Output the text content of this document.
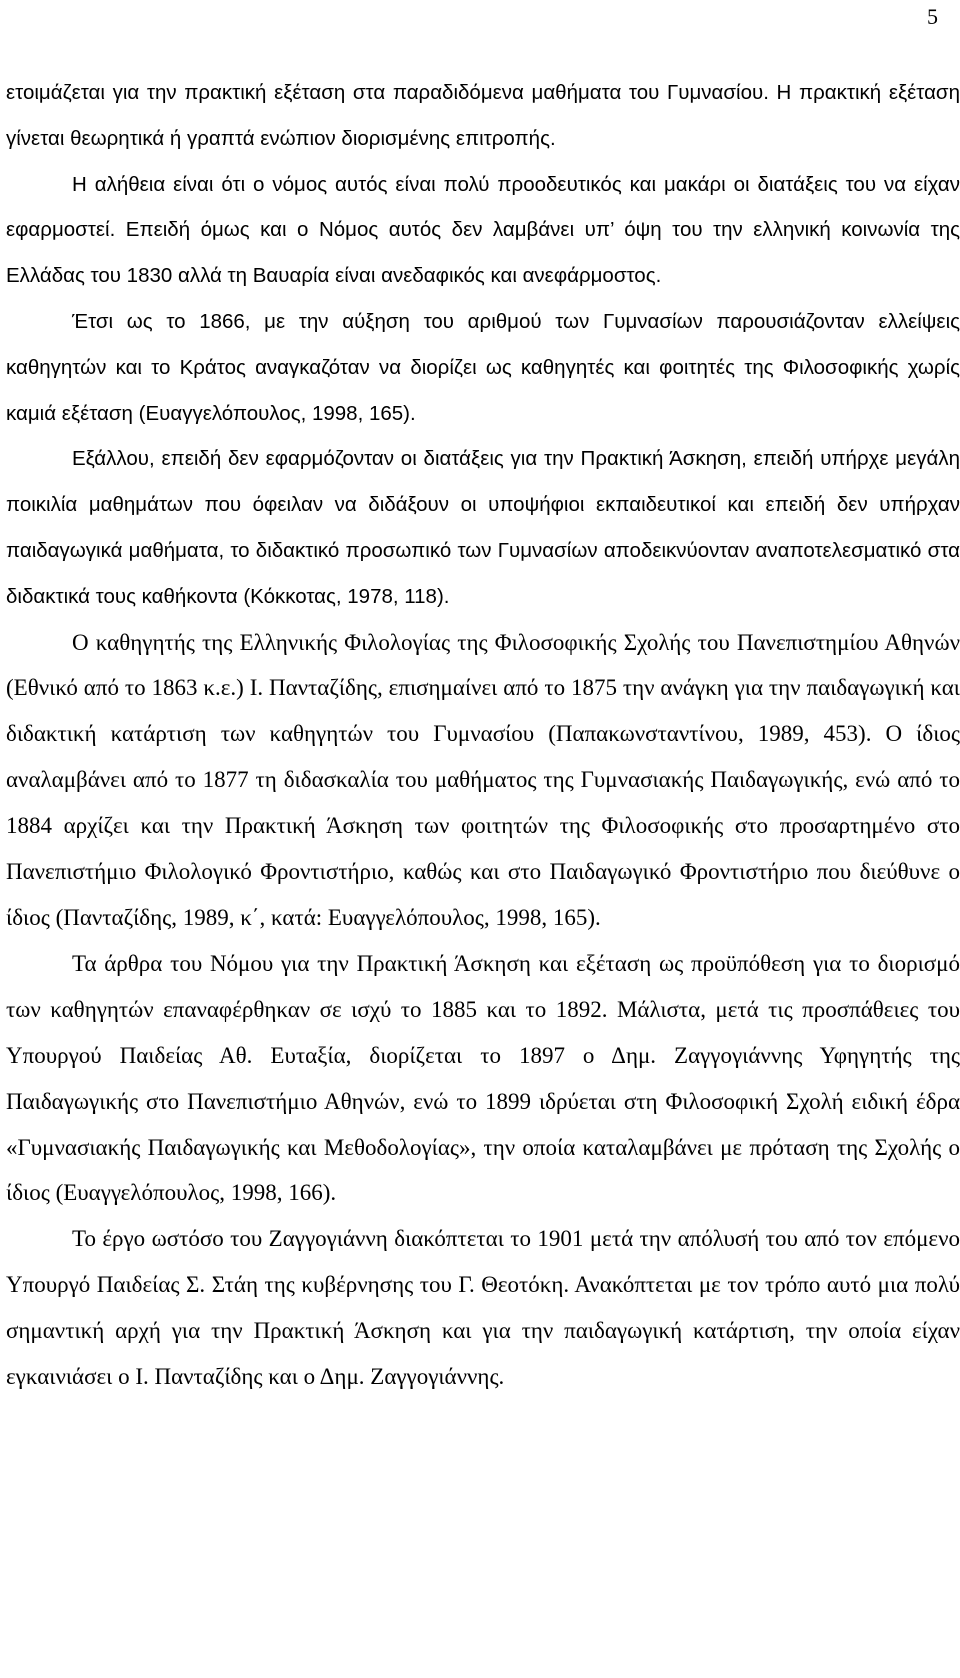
5

ετοιμάζεται για την πρακτική εξέταση στα παραδιδόμενα μαθήματα του Γυμνασίου. Η πρακτική εξέταση γίνεται θεωρητικά ή γραπτά ενώπιον διορισμένης επιτροπής.

Η αλήθεια είναι ότι ο νόμος αυτός είναι πολύ προοδευτικός και μακάρι οι διατάξεις του να είχαν εφαρμοστεί. Επειδή όμως και ο Νόμος αυτός δεν λαμβάνει υπ’ όψη του την ελληνική κοινωνία της Ελλάδας του 1830 αλλά τη Βαυαρία είναι ανεδαφικός και ανεφάρμοστος.

Έτσι ως το 1866, με την αύξηση του αριθμού των Γυμνασίων παρουσιάζονταν ελλείψεις καθηγητών και το Κράτος αναγκαζόταν να διορίζει ως καθηγητές και φοιτητές της Φιλοσοφικής χωρίς καμιά εξέταση (Ευαγγελόπουλος, 1998, 165).

Εξάλλου, επειδή δεν εφαρμόζονταν οι διατάξεις για την Πρακτική Άσκηση, επειδή υπήρχε μεγάλη ποικιλία μαθημάτων που όφειλαν να διδάξουν οι υποψήφιοι εκπαιδευτικοί και επειδή δεν υπήρχαν παιδαγωγικά μαθήματα, το διδακτικό προσωπικό των Γυμνασίων αποδεικνύονταν αναποτελεσματικό στα διδακτικά τους καθήκοντα (Κόκκοτας, 1978, 118).

Ο καθηγητής της Ελληνικής Φιλολογίας της Φιλοσοφικής Σχολής του Πανεπιστημίου Αθηνών (Εθνικό από το 1863 κ.ε.) Ι. Πανταζίδης, επισημαίνει από το 1875 την ανάγκη για την παιδαγωγική και διδακτική κατάρτιση των καθηγητών του Γυμνασίου (Παπακωνσταντίνου, 1989, 453). Ο ίδιος αναλαμβάνει από το 1877 τη διδασκαλία του μαθήματος της Γυμνασιακής Παιδαγωγικής, ενώ από το 1884 αρχίζει και την Πρακτική Άσκηση των φοιτητών της Φιλοσοφικής στο προσαρτημένο στο Πανεπιστήμιο Φιλολογικό Φροντιστήριο, καθώς και στο Παιδαγωγικό Φροντιστήριο που διεύθυνε ο ίδιος (Πανταζίδης, 1989, κ΄, κατά: Ευαγγελόπουλος, 1998, 165).

Τα άρθρα του Νόμου για την Πρακτική Άσκηση και εξέταση ως προϋπόθεση για το διορισμό των καθηγητών επαναφέρθηκαν σε ισχύ το 1885 και το 1892. Μάλιστα, μετά τις προσπάθειες του Υπουργού Παιδείας Αθ. Ευταξία, διορίζεται το 1897 ο Δημ. Ζαγγογιάννης Υφηγητής της Παιδαγωγικής στο Πανεπιστήμιο Αθηνών, ενώ το 1899 ιδρύεται στη Φιλοσοφική Σχολή ειδική έδρα «Γυμνασιακής Παιδαγωγικής και Μεθοδολογίας», την οποία καταλαμβάνει με πρόταση της Σχολής ο ίδιος (Ευαγγελόπουλος, 1998, 166).

Το έργο ωστόσο του Ζαγγογιάννη διακόπτεται το 1901 μετά την απόλυσή του από τον επόμενο Υπουργό Παιδείας Σ. Στάη της κυβέρνησης του Γ. Θεοτόκη. Ανακόπτεται με τον τρόπο αυτό μια πολύ σημαντική αρχή για την Πρακτική Άσκηση και για την παιδαγωγική κατάρτιση, την οποία είχαν εγκαινιάσει ο Ι. Πανταζίδης και ο Δημ. Ζαγγογιάννης.
